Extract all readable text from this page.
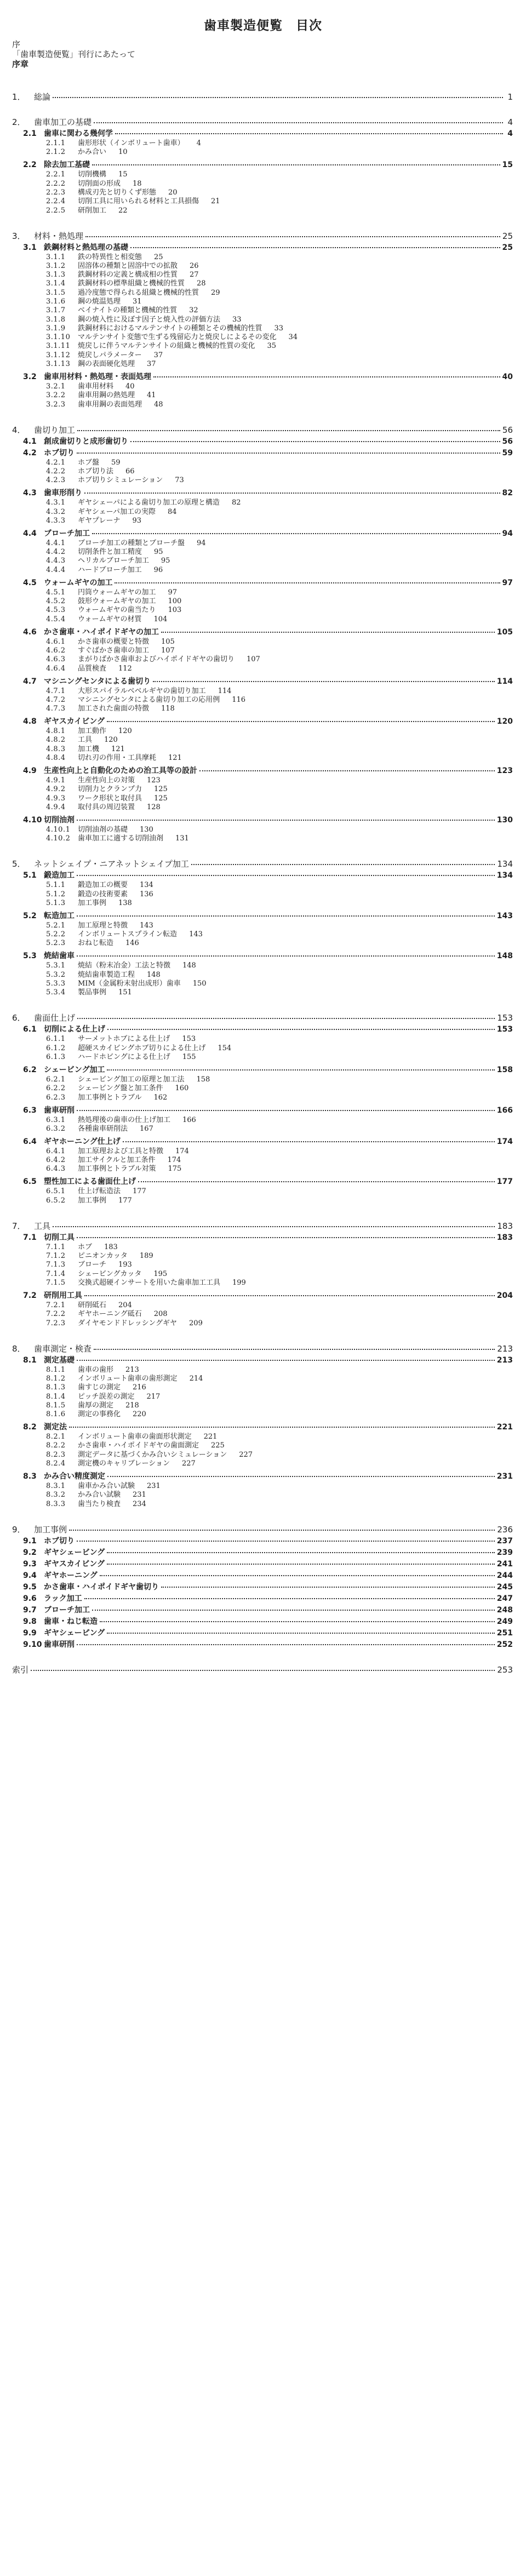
歯車製造便覧　目次
序
「歯車製造便覧」刊行にあたって
序章
1．	総論	1
2．	歯車加工の基礎	4
2.1 歯車に関わる幾何学	4
2.1.1	歯形形状（インボリュート歯車） 4
2.1.2	かみ合い 10
2.2 除去加工基礎	15
2.2.1	切削機構 15
2.2.2	切削面の形成 18
2.2.3	構成刃先と切りくず形態 20
2.2.4	切削工具に用いられる材料と工具損傷 21
2.2.5	研削加工 22
3．	材料・熱処理	25
3.1 鉄鋼材料と熱処理の基礎	25
3.1.1	鉄の特異性と相変態 25
3.1.2	固溶体の種類と固溶中での拡散 26
3.1.3	鉄鋼材料の定義と構成相の性質 27
3.1.4	鉄鋼材料の標準組織と機械的性質 28
3.1.5	過冷度態で得られる組織と機械的性質 29
3.1.6	鋼の焼温処理 31
3.1.7	ベイナイトの種類と機械的性質 32
3.1.8	鋼の焼入性に及ぼす因子と焼入性の評価方法 33
3.1.9	鉄鋼材料におけるマルテンサイトの種類とその機械的性質 33
3.1.10	マルテンサイト変態で生ずる残留応力と焼戻しによるその変化 34
3.1.11	焼戻しに伴うマルテンサイトの組織と機械的性質の変化 35
3.1.12	焼戻しパラメーター 37
3.1.13	鋼の表面硬化処理 37
3.2 歯車用材料・熱処理・表面処理	40
3.2.1	歯車用材料 40
3.2.2	歯車用鋼の熱処理 41
3.2.3	歯車用鋼の表面処理 48
4．	歯切り加工	56
4.1 創成歯切りと成形歯切り	56
4.2 ホブ切り	59
4.2.1	ホブ盤 59
4.2.2	ホブ切り法 66
4.2.3	ホブ切りシミュレーション 73
4.3 歯車形削り	82
4.3.1	ギヤシェーパによる歯切り加工の原理と構造 82
4.3.2	ギヤシェーパ加工の実際 84
4.3.3	ギヤプレーナ 93
4.4 ブローチ加工	94
4.4.1	ブローチ加工の種類とブローチ盤 94
4.4.2	切削条件と加工精度 95
4.4.3	ヘリカルブローチ加工 95
4.4.4	ハードブローチ加工 96
4.5 ウォームギヤの加工	97
4.5.1	円筒ウォームギヤの加工 97
4.5.2	鼓形ウォームギヤの加工 100
4.5.3	ウォームギヤの歯当たり 103
4.5.4	ウォームギヤの材質 104
4.6 かさ歯車・ハイポイドギヤの加工	105
4.6.1	かさ歯車の概要と特徴 105
4.6.2	すぐばかさ歯車の加工 107
4.6.3	まがりばかさ歯車およびハイポイドギヤの歯切り 107
4.6.4	品質検査 112
4.7 マシニングセンタによる歯切り	114
4.7.1	大形スパイラルベベルギヤの歯切り加工 114
4.7.2	マシニングセンタによる歯切り加工の応用例 116
4.7.3	加工された歯面の特徴 118
4.8 ギヤスカイビング	120
4.8.1	加工動作 120
4.8.2	工具 120
4.8.3	加工機 121
4.8.4	切れ刃の作用・工具摩耗 121
4.9 生産性向上と自動化のための治工具等の設計	123
4.9.1	生産性向上の対策 123
4.9.2	切削力とクランプ力 125
4.9.3	ワーク形状と取付具 125
4.9.4	取付具の周辺装置 128
4.10 切削油剤	130
4.10.1	切削油剤の基礎 130
4.10.2	歯車加工に適する切削油剤 131
5．	ネットシェイプ・ニアネットシェイプ加工	134
5.1 鍛造加工	134
5.1.1	鍛造加工の概要 134
5.1.2	鍛造の技術要素 136
5.1.3	加工事例 138
5.2 転造加工	143
5.2.1	加工原理と特徴 143
5.2.2	インボリュートスプライン転造 143
5.2.3	おねじ転造 146
5.3 焼結歯車	148
5.3.1	焼結（粉末冶金）工法と特徴 148
5.3.2	焼結歯車製造工程 148
5.3.3	MIM（金属粉末射出成形）歯車 150
5.3.4	製品事例 151
6．	歯面仕上げ	153
6.1 切削による仕上げ	153
6.1.1	サーメットホブによる仕上げ 153
6.1.2	超硬スカイビングホブ切りによる仕上げ 154
6.1.3	ハードホビングによる仕上げ 155
6.2 シェービング加工	158
6.2.1	シェービング加工の原理と加工法 158
6.2.2	シェービング盤と加工条件 160
6.2.3	加工事例とトラブル 162
6.3 歯車研削	166
6.3.1	熱処理後の歯車の仕上げ加工 166
6.3.2	各種歯車研削法 167
6.4 ギヤホーニング仕上げ	174
6.4.1	加工原理および工具と特徴 174
6.4.2	加工サイクルと加工条件 174
6.4.3	加工事例とトラブル対策 175
6.5 塑性加工による歯面仕上げ	177
6.5.1	仕上げ転造法 177
6.5.2	加工事例 177
7．	工具	183
7.1 切削工具	183
7.1.1	ホブ 183
7.1.2	ピニオンカッタ 189
7.1.3	ブローチ 193
7.1.4	シェービングカッタ 195
7.1.5	交換式超硬インサートを用いた歯車加工工具 199
7.2 研削用工具	204
7.2.1	研削砥石 204
7.2.2	ギヤホーニング砥石 208
7.2.3	ダイヤモンドドレッシングギヤ 209
8．	歯車測定・検査	213
8.1 測定基礎	213
8.1.1	歯車の歯形 213
8.1.2	インボリュート歯車の歯形測定 214
8.1.3	歯すじの測定 216
8.1.4	ピッチ誤差の測定 217
8.1.5	歯厚の測定 218
8.1.6	測定の事務化 220
8.2 測定法	221
8.2.1	インボリュート歯車の歯面形状測定 221
8.2.2	かさ歯車・ハイポイドギヤの歯面測定 225
8.2.3	測定データに基づくかみ合いシミュレーション 227
8.2.4	測定機のキャリブレーション 227
8.3 かみ合い精度測定	231
8.3.1	歯車かみ合い試験 231
8.3.2	かみ合い試験 231
8.3.3	歯当たり検査 234
9．	加工事例	236
9.1 ホブ切り	237
9.2 ギヤシェービング	239
9.3 ギヤスカイビング	241
9.4 ギヤホーニング	244
9.5 かさ歯車・ハイポイドギヤ歯切り	245
9.6 ラック加工	247
9.7 ブローチ加工	248
9.8 歯車・ねじ転造	249
9.9 ギヤシェーピング	251
9.10 歯車研削	252
索引	253
